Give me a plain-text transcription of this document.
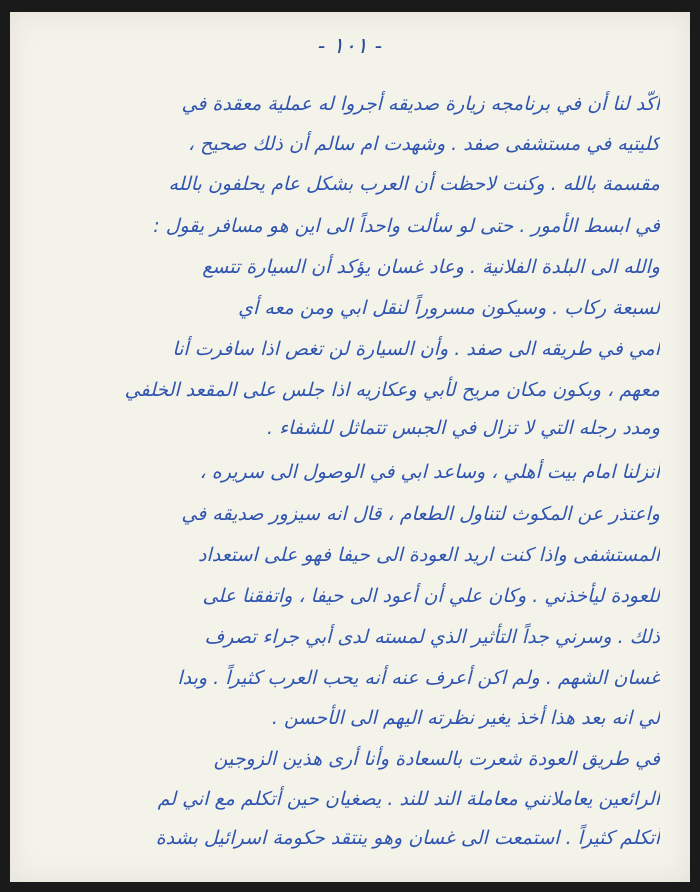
- ١٠١ -
أكّد لنا أن في برنامجه زيارة صديقه أجروا له عملية معقدة في
كليتيه في مستشفى صفد . وشهدت ام سالم أن ذلك صحيح ،
مقسمة بالله . وكنت لاحظت أن العرب بشكل عام يحلفون بالله
في ابسط الأمور . حتى لو سألت واحداً الى اين هو مسافر يقول :
والله الى البلدة الفلانية . وعاد غسان يؤكد أن السيارة تتسع
لسبعة ركاب . وسيكون مسروراً لنقل ابي ومن معه أي
امي في طريقه الى صفد . وأن السيارة لن تغص اذا سافرت أنا
معهم ، وبكون مكان مريح لأبي وعكازيه اذا جلس على المقعد الخلفي
ومدد رجله التي لا تزال في الجبس تتماثل للشفاء .
أنزلنا امام بيت أهلي ، وساعد ابي في الوصول الى سريره ،
واعتذر عن المكوث لتناول الطعام ، قال انه سيزور صديقه في
المستشفى واذا كنت اريد العودة الى حيفا فهو على استعداد
للعودة ليأخذني . وكان علي أن أعود الى حيفا ، واتفقنا على
ذلك . وسرني جداً التأثير الذي لمسته لدى أبي جراء تصرف
غسان الشهم . ولم اكن أعرف عنه أنه يحب العرب كثيراً . وبدا
لي انه بعد هذا أخذ يغير نظرته اليهم الى الأحسن .
في طريق العودة شعرت بالسعادة وأنا أرى هذين الزوجين
الرائعين يعاملانني معاملة الند للند . يصغيان حين أتكلم مع اني لم
أتكلم كثيراً . استمعت الى غسان وهو ينتقد حكومة اسرائيل بشدة
